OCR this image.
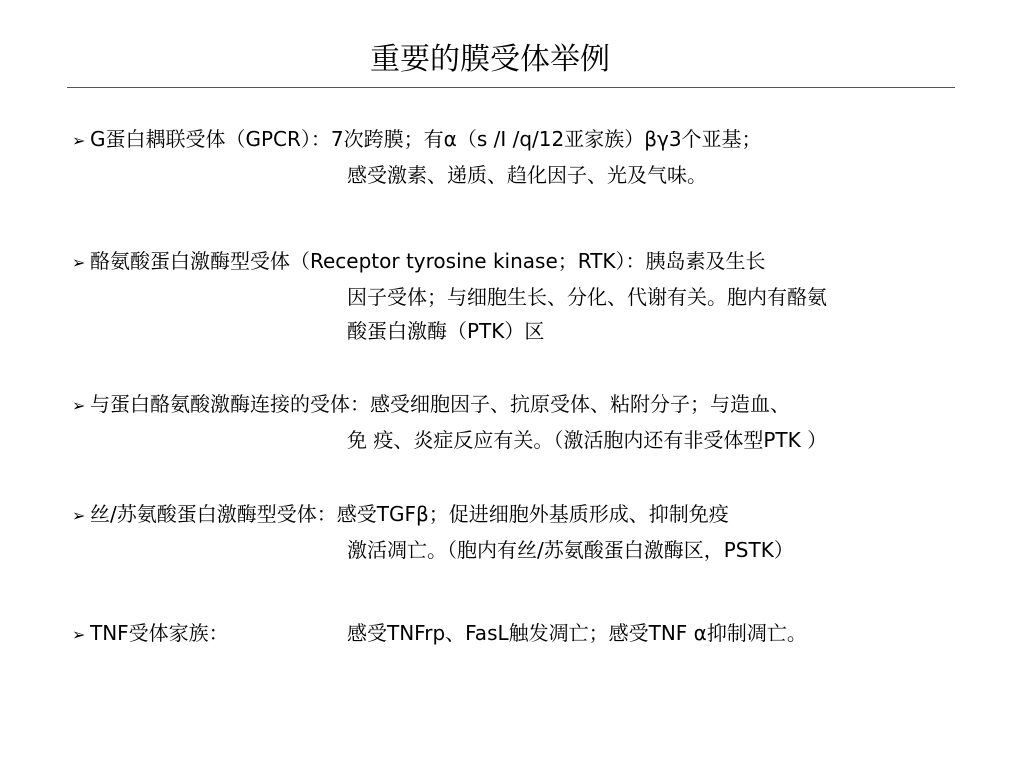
重要的膜受体举例
➢ G蛋白耦联受体（GPCR）：7次跨膜；有α（s /I /q/12亚家族）βγ3个亚基；
感受激素、递质、趋化因子、光及气味。
➢ 酪氨酸蛋白激酶型受体（Receptor tyrosine kinase；RTK）：胰岛素及生长
因子受体；与细胞生长、分化、代谢有关。胞内有酪氨
酸蛋白激酶（PTK）区
➢ 与蛋白酪氨酸激酶连接的受体：感受细胞因子、抗原受体、粘附分子；与造血、
免 疫、炎症反应有关。（激活胞内还有非受体型PTK ）
➢ 丝/苏氨酸蛋白激酶型受体：感受TGFβ；促进细胞外基质形成、抑制免疫
激活凋亡。（胞内有丝/苏氨酸蛋白激酶区，PSTK）
➢ TNF受体家族：	感受TNFrp、FasL触发凋亡；感受TNF α抑制凋亡。
